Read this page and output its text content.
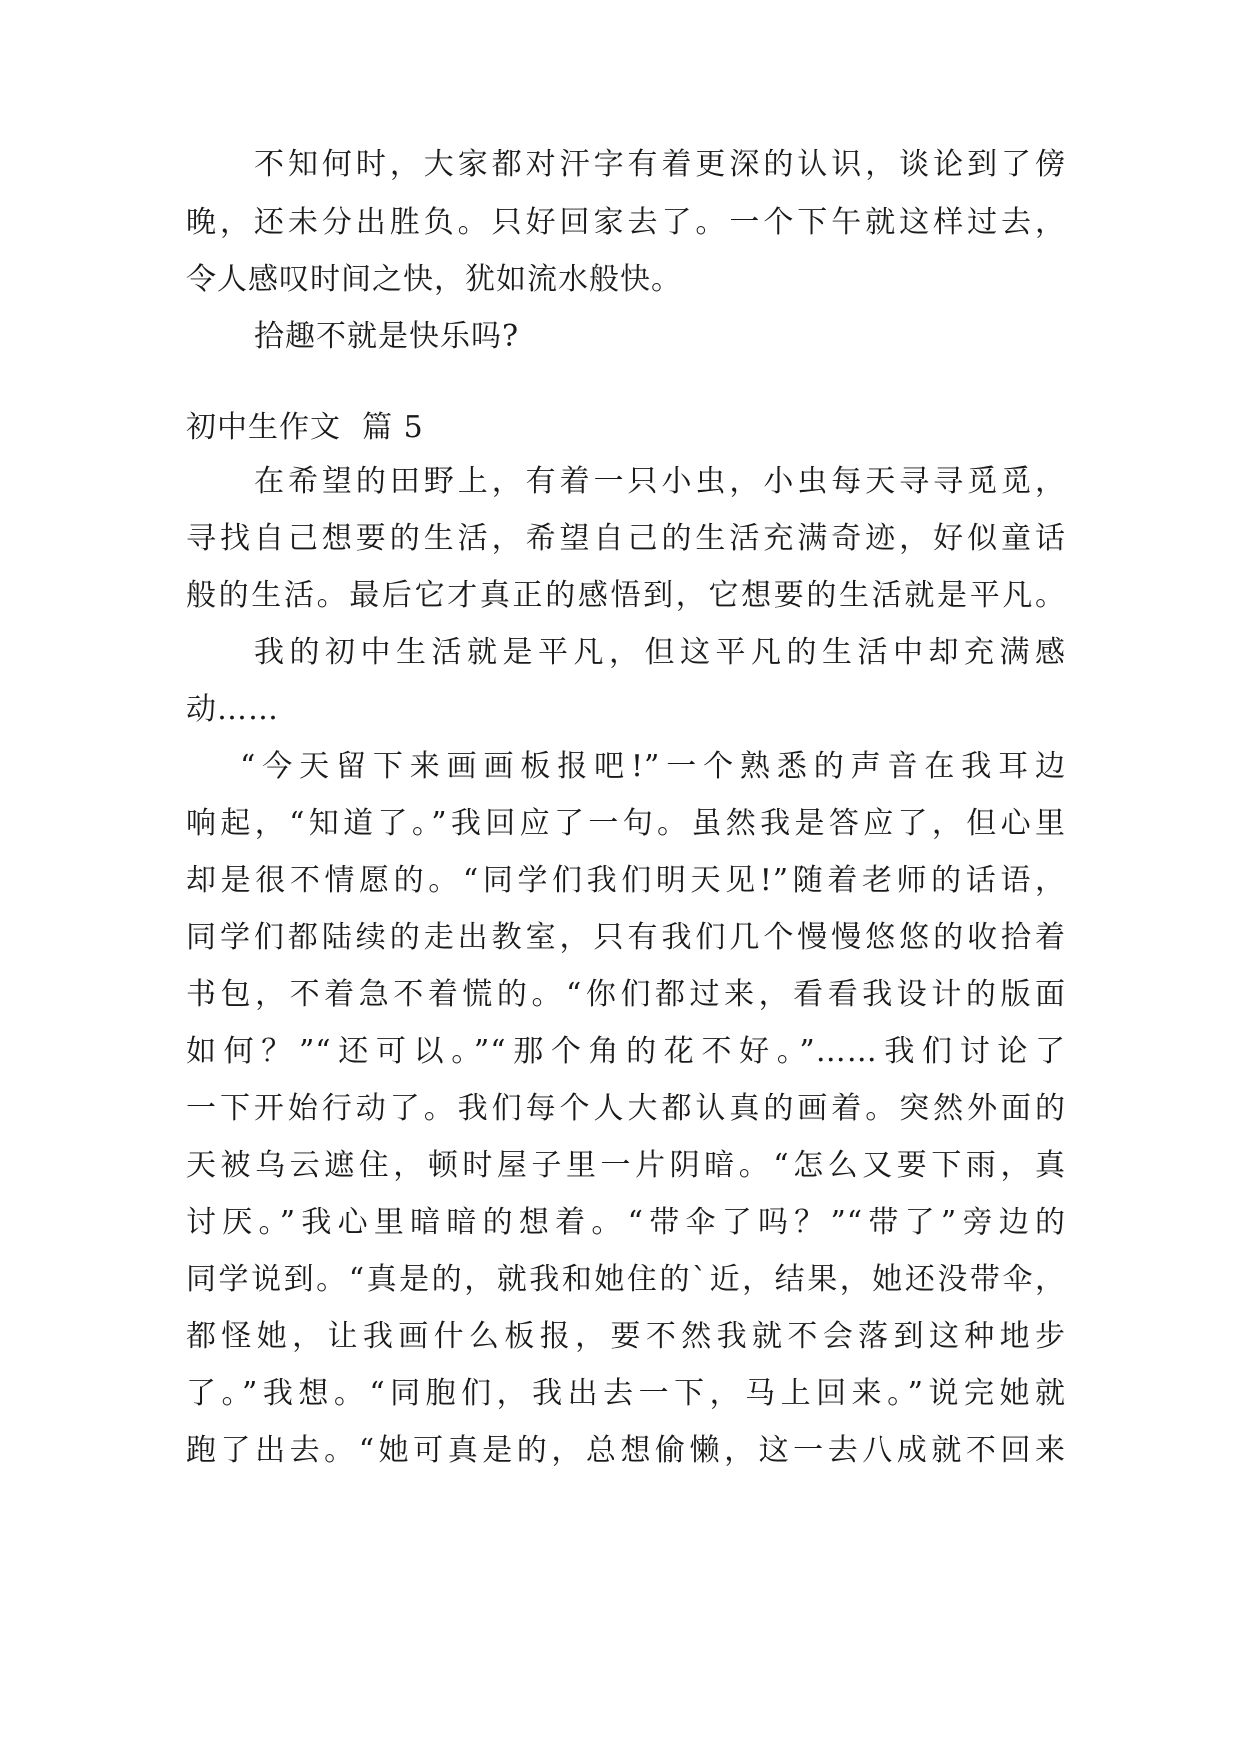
不知何时，大家都对汗字有着更深的认识，谈论到了傍
晚，还未分出胜负。只好回家去了。一个下午就这样过去，
令人感叹时间之快，犹如流水般快。
拾趣不就是快乐吗?
初中生作文  篇 5
在希望的田野上，有着一只小虫，小虫每天寻寻觅觅，
寻找自己想要的生活，希望自己的生活充满奇迹，好似童话
般的生活。最后它才真正的感悟到，它想要的生活就是平凡。
我的初中生活就是平凡，但这平凡的生活中却充满感
动……
“今天留下来画画板报吧!”一个熟悉的声音在我耳边
响起，“知道了。”我回应了一句。虽然我是答应了，但心里
却是很不情愿的。“同学们我们明天见!”随着老师的话语，
同学们都陆续的走出教室，只有我们几个慢慢悠悠的收拾着
书包，不着急不着慌的。“你们都过来，看看我设计的版面
如何？”“还可以。”“那个角的花不好。”……我们讨论了
一下开始行动了。我们每个人大都认真的画着。突然外面的
天被乌云遮住，顿时屋子里一片阴暗。“怎么又要下雨，真
讨厌。”我心里暗暗的想着。“带伞了吗？”“带了”旁边的
同学说到。“真是的，就我和她住的`近，结果，她还没带伞，
都怪她，让我画什么板报，要不然我就不会落到这种地步
了。”我想。“同胞们，我出去一下，马上回来。”说完她就
跑了出去。“她可真是的，总想偷懒，这一去八成就不回来
